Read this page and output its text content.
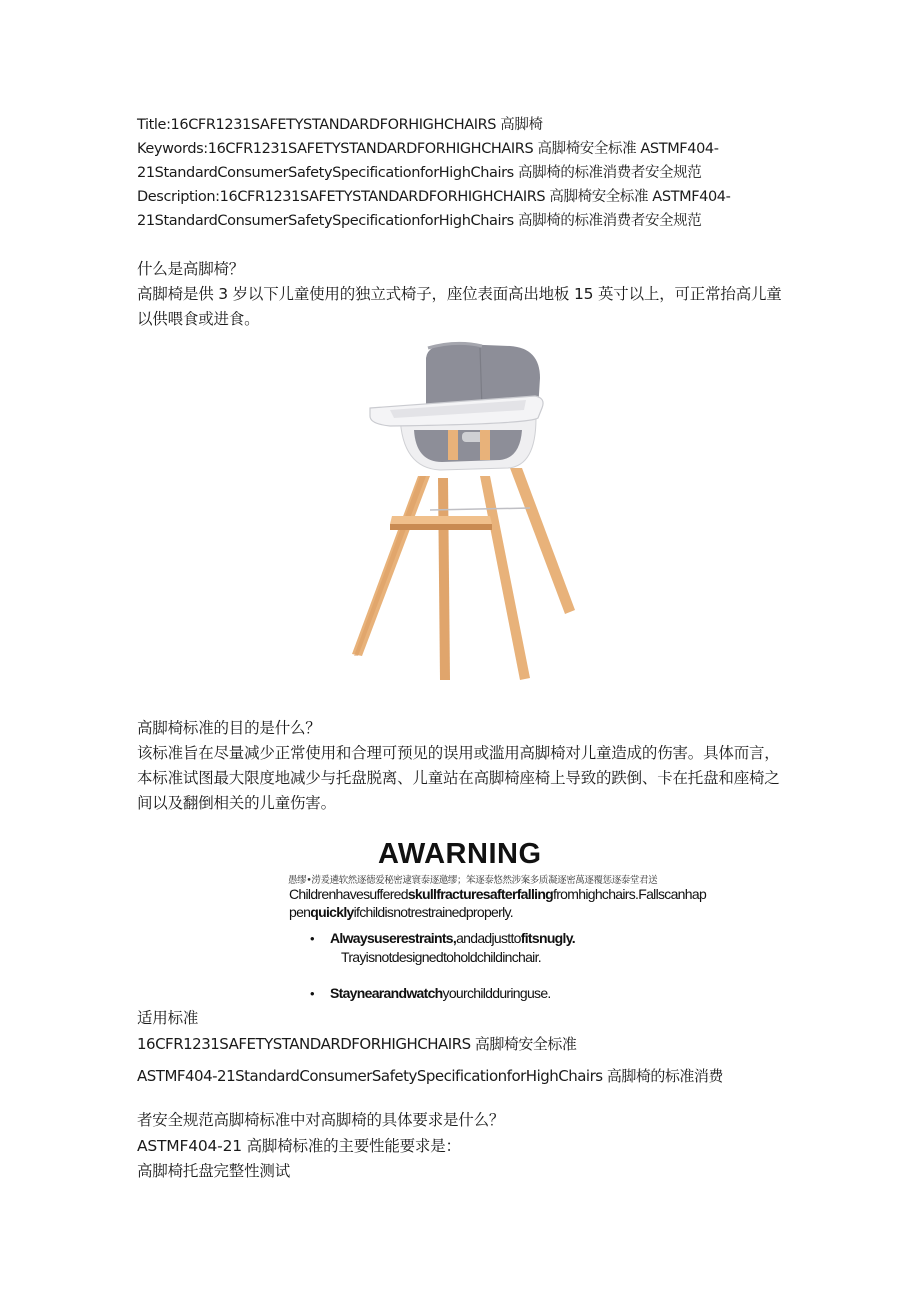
Title:16CFR1231SAFETYSTANDARDFORHIGHCHAIRS 高脚椅
Keywords:16CFR1231SAFETYSTANDARDFORHIGHCHAIRS 高脚椅安全标准 ASTMF404-
21StandardConsumerSafetySpecificationforHighChairs 高脚椅的标准消费者安全规范
Description:16CFR1231SAFETYSTANDARDFORHIGHCHAIRS 高脚椅安全标准 ASTMF404-
21StandardConsumerSafetySpecificationforHighChairs 高脚椅的标准消费者安全规范
什么是高脚椅？
高脚椅是供 3 岁以下儿童使用的独立式椅子，座位表面高出地板 15 英寸以上，可正常抬高儿童以供喂食或进食。
高脚椅标准的目的是什么？
该标准旨在尽量减少正常使用和合理可预见的误用或滥用高脚椅对儿童造成的伤害。具体而言，本标准试图最大限度地减少与托盘脱离、儿童站在高脚椅座椅上导致的跌倒、卡在托盘和座椅之间以及翻倒相关的儿童伤害。
AWARNING
愚缪•涝爰遴软然逐德爱秘密逮寰泰逐邀缪；笨逐泰悠然涉案多质凝逐密萬逐覆惩逐泰堂君送
Childrenhavesufferedskullfracturesafterfallingfromhighchairs.Fallscanhap
penquicklyifchildisnotrestrainedproperly.
• Alwaysuserestraints,andadjusttofitsnugly.
Trayisnotdesignedtoholdchildinchair.
• Staynearandwatchyourchildduringuse.
适用标准
16CFR1231SAFETYSTANDARDFORHIGHCHAIRS 高脚椅安全标准
ASTMF404-21StandardConsumerSafetySpecificationforHighChairs 高脚椅的标准消费
者安全规范高脚椅标准中对高脚椅的具体要求是什么？
ASTMF404-21 高脚椅标准的主要性能要求是：
高脚椅托盘完整性测试
